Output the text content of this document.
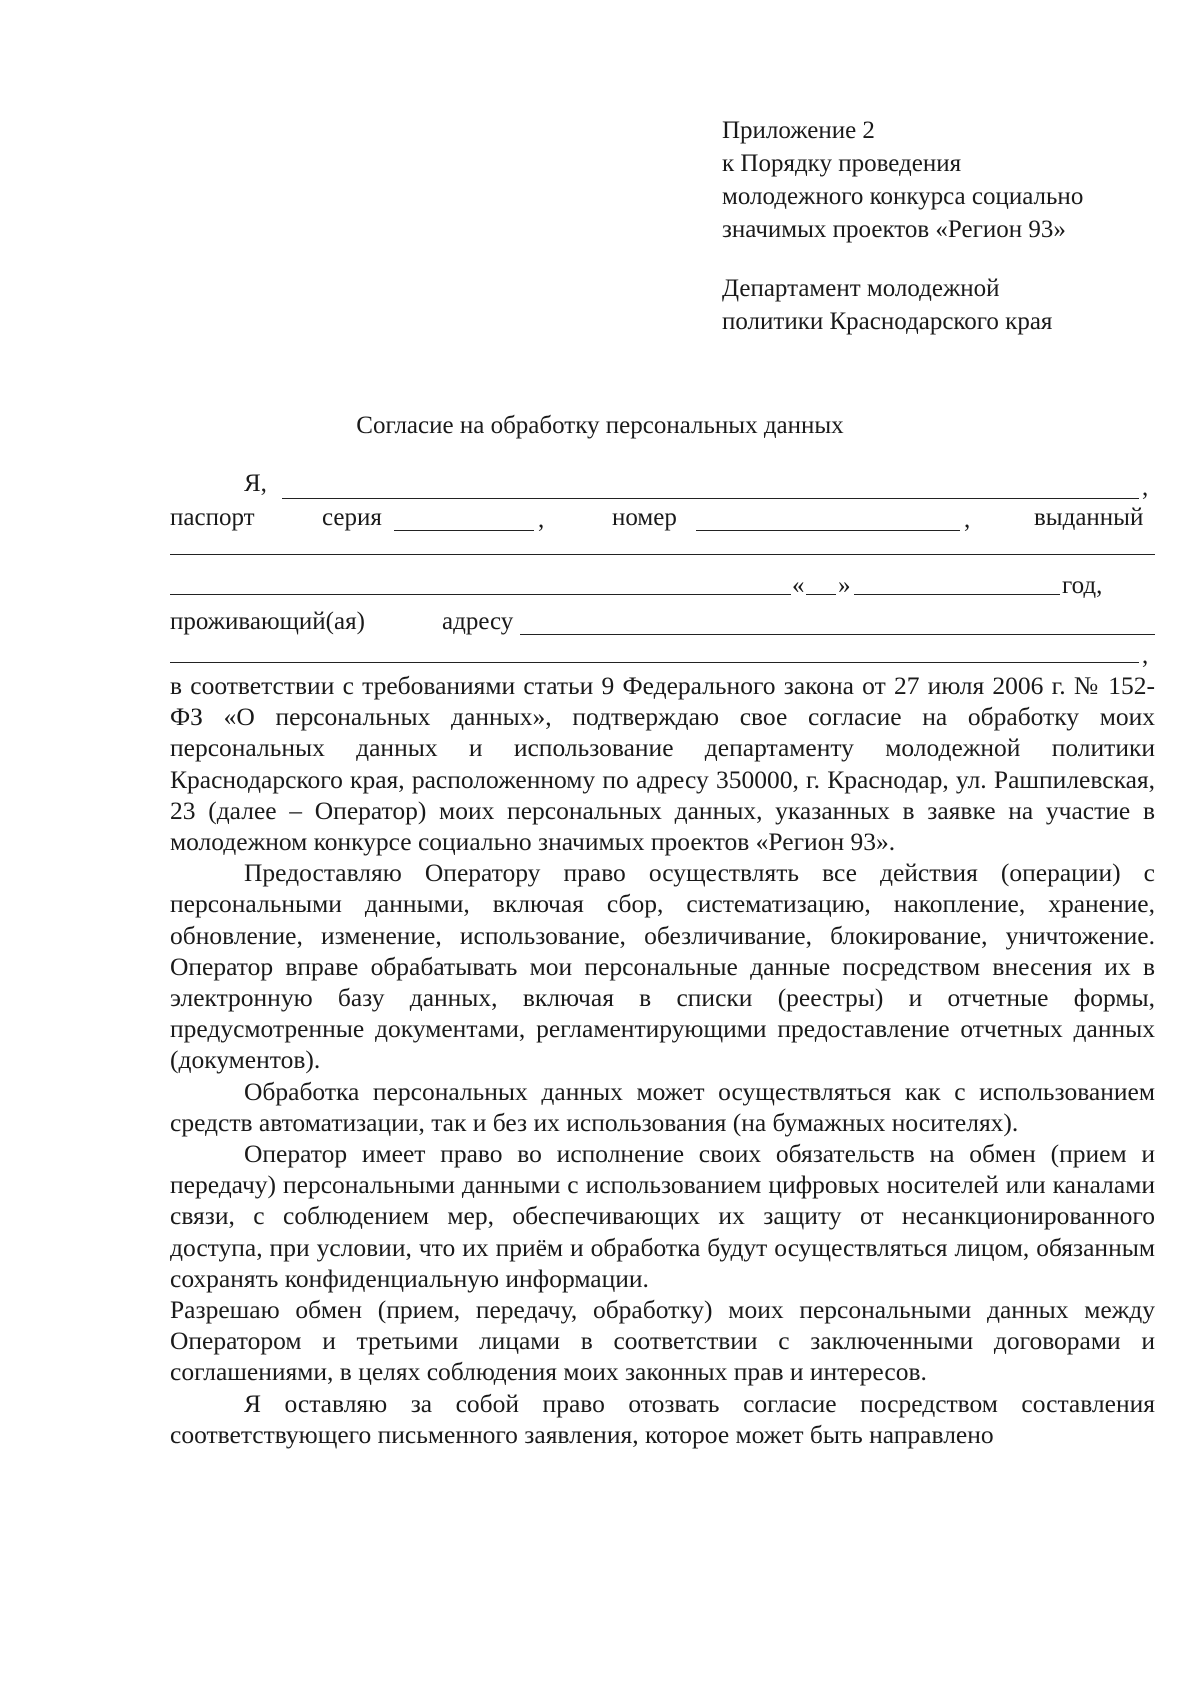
Приложение 2
к Порядку проведения
молодежного конкурса социально
значимых проектов «Регион 93»
Департамент молодежной
политики Краснодарского края
Согласие на обработку персональных данных
Я,	,
паспорт	серия	,	номер	,	выданный
« »	год,
проживающий(ая)	адресу
,

в соответствии с требованиями статьи 9 Федерального закона от 27 июля 2006 г. № 152-ФЗ «О персональных данных», подтверждаю свое согласие на обработку моих персональных данных и использование департаменту молодежной политики Краснодарского края, расположенному по адресу 350000, г. Краснодар, ул. Рашпилевская, 23 (далее – Оператор) моих персональных данных, указанных в заявке на участие в молодежном конкурсе социально значимых проектов «Регион 93».

Предоставляю Оператору право осуществлять все действия (операции) с персональными данными, включая сбор, систематизацию, накопление, хранение, обновление, изменение, использование, обезличивание, блокирование, уничтожение. Оператор вправе обрабатывать мои персональные данные посредством внесения их в электронную базу данных, включая в списки (реестры) и отчетные формы, предусмотренные документами, регламентирующими предоставление отчетных данных (документов).

Обработка персональных данных может осуществляться как с использованием средств автоматизации, так и без их использования (на бумажных носителях).

Оператор имеет право во исполнение своих обязательств на обмен (прием и передачу) персональными данными с использованием цифровых носителей или каналами связи, с соблюдением мер, обеспечивающих их защиту от несанкционированного доступа, при условии, что их приём и обработка будут осуществляться лицом, обязанным сохранять конфиденциальную информации.

Разрешаю обмен (прием, передачу, обработку) моих персональными данных между Оператором и третьими лицами в соответствии с заключенными договорами и соглашениями, в целях соблюдения моих законных прав и интересов.

Я оставляю за собой право отозвать согласие посредством составления соответствующего письменного заявления, которое может быть направлено
